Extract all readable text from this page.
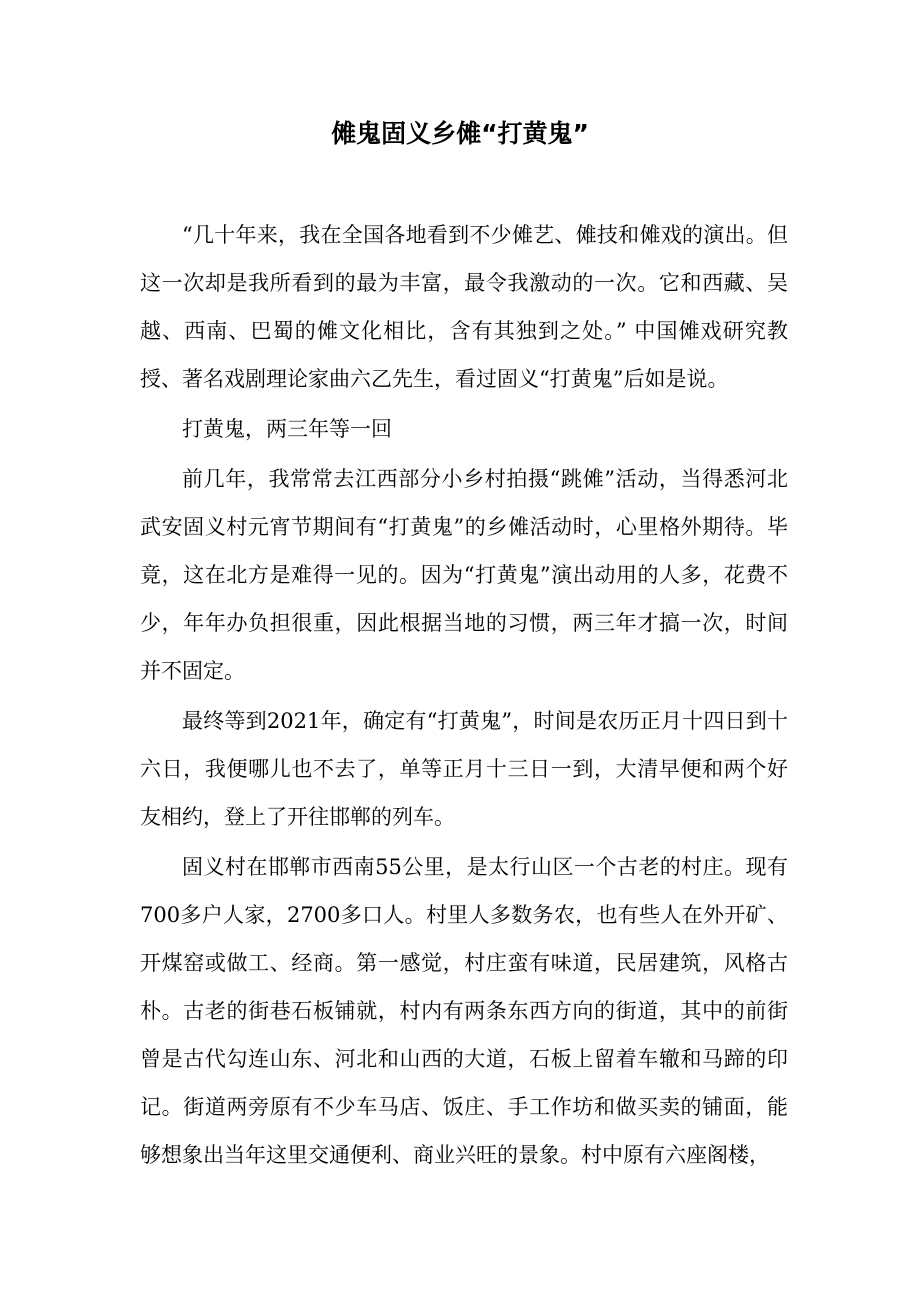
傩鬼固义乡傩“打黄鬼”

“几十年来，我在全国各地看到不少傩艺、傩技和傩戏的演出。但这一次却是我所看到的最为丰富，最令我激动的一次。它和西藏、吴越、西南、巴蜀的傩文化相比，含有其独到之处。” 中国傩戏研究教授、著名戏剧理论家曲六乙先生，看过固义“打黄鬼”后如是说。

打黄鬼，两三年等一回

前几年，我常常去江西部分小乡村拍摄“跳傩”活动，当得悉河北武安固义村元宵节期间有“打黄鬼”的乡傩活动时，心里格外期待。毕竟，这在北方是难得一见的。因为“打黄鬼”演出动用的人多，花费不少，年年办负担很重，因此根据当地的习惯，两三年才搞一次，时间并不固定。

最终等到2021年，确定有“打黄鬼”，时间是农历正月十四日到十六日，我便哪儿也不去了，单等正月十三日一到，大清早便和两个好友相约，登上了开往邯郸的列车。

固义村在邯郸市西南55公里，是太行山区一个古老的村庄。现有700多户人家，2700多口人。村里人多数务农，也有些人在外开矿、开煤窑或做工、经商。第一感觉，村庄蛮有味道，民居建筑，风格古朴。古老的街巷石板铺就，村内有两条东西方向的街道，其中的前街曾是古代勾连山东、河北和山西的大道，石板上留着车辙和马蹄的印记。街道两旁原有不少车马店、饭庄、手工作坊和做买卖的铺面，能够想象出当年这里交通便利、商业兴旺的景象。村中原有六座阁楼，
